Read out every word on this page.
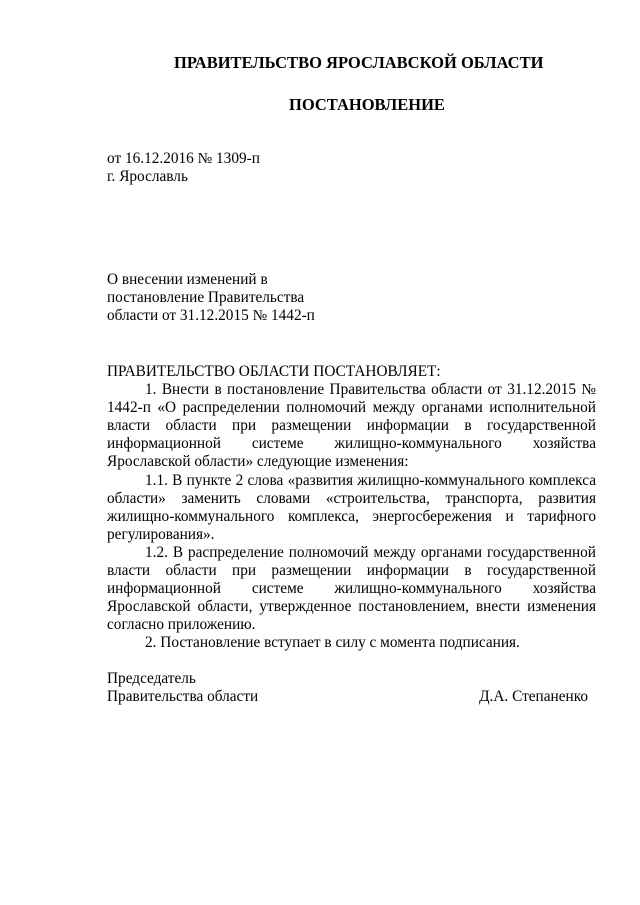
ПРАВИТЕЛЬСТВО ЯРОСЛАВСКОЙ ОБЛАСТИ
ПОСТАНОВЛЕНИЕ
от 16.12.2016 № 1309-п
г. Ярославль
О внесении изменений в
постановление Правительства
области от 31.12.2015 № 1442-п

ПРАВИТЕЛЬСТВО ОБЛАСТИ ПОСТАНОВЛЯЕТ:

1. Внести в постановление Правительства области от 31.12.2015 № 1442-п «О распределении полномочий между органами исполнительной власти области при размещении информации в государственной информационной системе жилищно-коммунального хозяйства Ярославской области» следующие изменения:

1.1. В пункте 2 слова «развития жилищно-коммунального комплекса области» заменить словами «строительства, транспорта, развития жилищно-коммунального комплекса, энергосбережения и тарифного регулирования».

1.2. В распределение полномочий между органами государственной власти области при размещении информации в государственной информационной системе жилищно-коммунального хозяйства Ярославской области, утвержденное постановлением, внести изменения согласно приложению.

2. Постановление вступает в силу с момента подписания.

Председатель
Правительства области	Д.А. Степаненко
